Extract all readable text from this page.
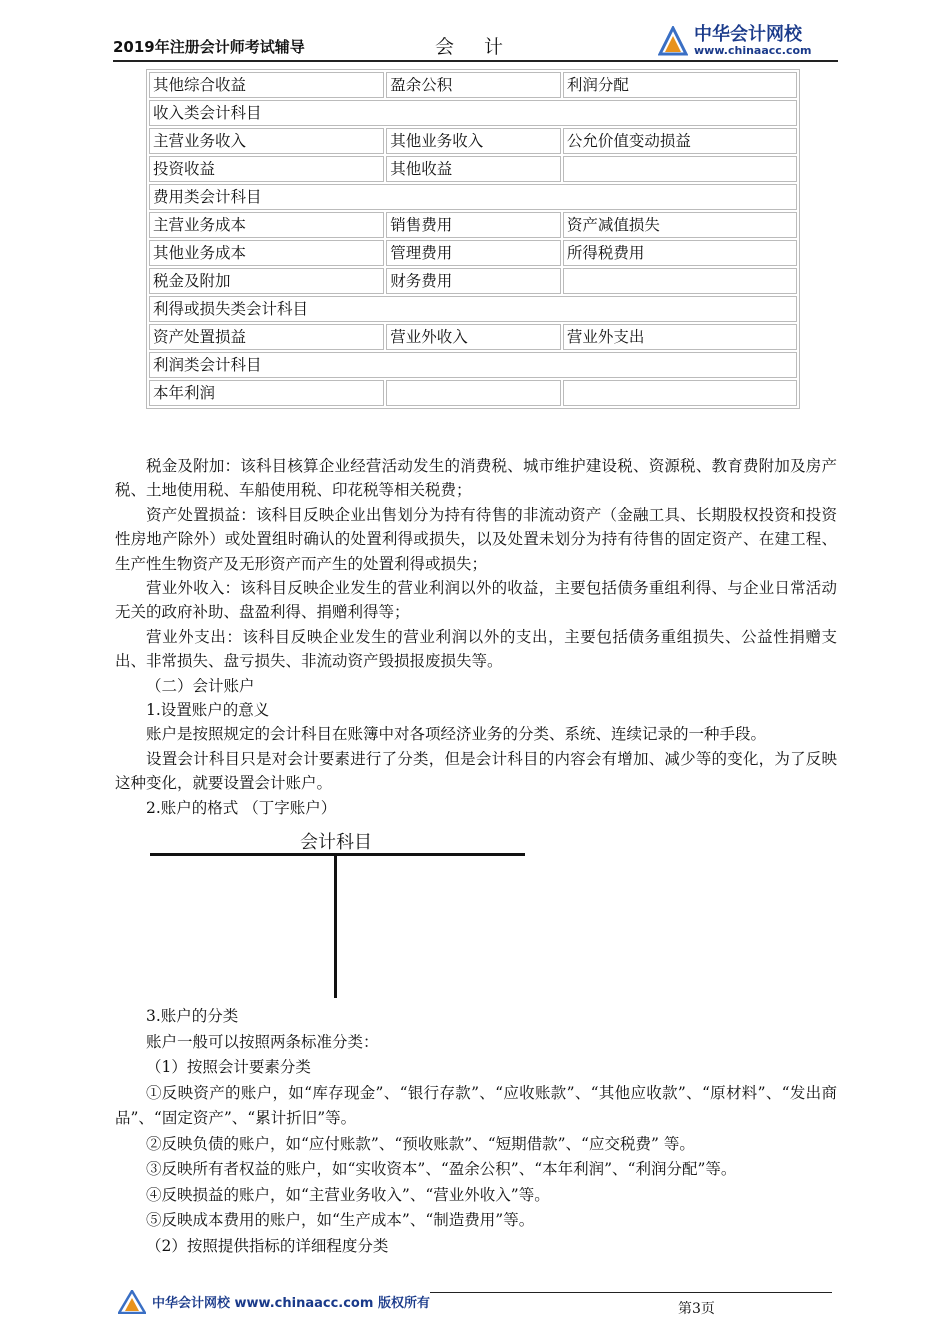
2019年注册会计师考试辅导	会 计
中华会计网校
www.chinaacc.com
其他综合收益	盈余公积	利润分配
收入类会计科目		
主营业务收入	其他业务收入	公允价值变动损益
投资收益	其他收益	
费用类会计科目		
主营业务成本	销售费用	资产减值损失
其他业务成本	管理费用	所得税费用
税金及附加	财务费用	
利得或损失类会计科目		
资产处置损益	营业外收入	营业外支出
利润类会计科目		
本年利润		

税金及附加：该科目核算企业经营活动发生的消费税、城市维护建设税、资源税、教育费附加及房产税、土地使用税、车船使用税、印花税等相关税费；

资产处置损益：该科目反映企业出售划分为持有待售的非流动资产（金融工具、长期股权投资和投资性房地产除外）或处置组时确认的处置利得或损失，以及处置未划分为持有待售的固定资产、在建工程、生产性生物资产及无形资产而产生的处置利得或损失；

营业外收入：该科目反映企业发生的营业利润以外的收益，主要包括债务重组利得、与企业日常活动无关的政府补助、盘盈利得、捐赠利得等；

营业外支出：该科目反映企业发生的营业利润以外的支出，主要包括债务重组损失、公益性捐赠支出、非常损失、盘亏损失、非流动资产毁损报废损失等。

（二）会计账户

1.设置账户的意义

账户是按照规定的会计科目在账簿中对各项经济业务的分类、系统、连续记录的一种手段。

设置会计科目只是对会计要素进行了分类，但是会计科目的内容会有增加、减少等的变化，为了反映这种变化，就要设置会计账户。

2.账户的格式 （丁字账户）

会计科目

3.账户的分类

账户一般可以按照两条标准分类：

（1）按照会计要素分类

①反映资产的账户，如“库存现金”、“银行存款”、“应收账款”、“其他应收款”、“原材料”、“发出商品”、“固定资产”、“累计折旧”等。

②反映负债的账户，如“应付账款”、“预收账款”、“短期借款”、“应交税费” 等。

③反映所有者权益的账户，如“实收资本”、“盈余公积”、“本年利润”、“利润分配”等。

④反映损益的账户，如“主营业务收入”、“营业外收入”等。

⑤反映成本费用的账户，如“生产成本”、“制造费用”等。

（2）按照提供指标的详细程度分类

中华会计网校 www.chinaacc.com 版权所有	第3页
